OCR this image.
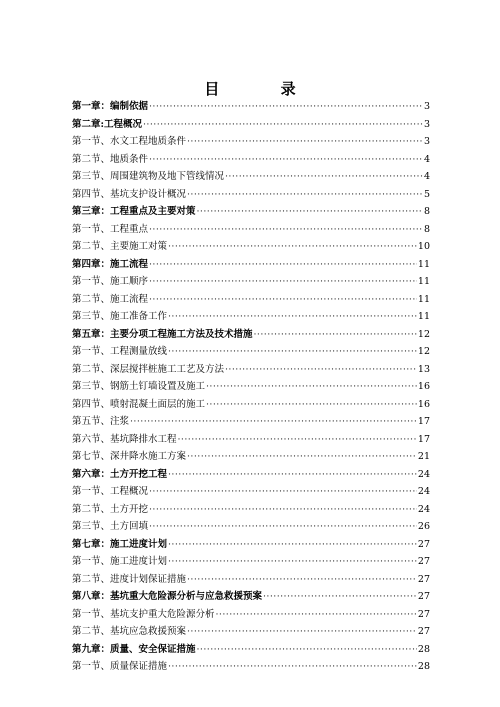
目 录
第一章：编制依据 ·····	3
第二章:工程概况 ·····	3
第一节、水文工程地质条件 ·····	3
第二节、地质条件 ·····	4
第三节、周围建筑物及地下管线情况 ·····	4
第四节、基坑支护设计概况 ·····	5
第三章：工程重点及主要对策 ·····	8
第一节、工程重点 ·····	8
第二节、主要施工对策 ·····	10
第四章：施工流程 ·····	11
第一节、施工顺序 ·····	11
第二节、施工流程 ·····	11
第三节、施工准备工作 ·····	11
第五章：主要分项工程施工方法及技术措施 ·····	12
第一节、工程测量放线 ·····	12
第二节、深层搅拌桩施工工艺及方法 ·····	13
第三节、钢筋土钉墙设置及施工 ·····	16
第四节、喷射混凝土面层的施工 ·····	16
第五节、注浆 ·····	17
第六节、基坑降排水工程 ·····	17
第七节、深井降水施工方案 ·····	21
第六章：土方开挖工程 ·····	24
第一节、工程概况 ·····	24
第二节、土方开挖 ·····	24
第三节、土方回填 ·····	26
第七章：施工进度计划 ·····	27
第一节、施工进度计划 ·····	27
第二节、进度计划保证措施 ·····	27
第八章：基坑重大危险源分析与应急救援预案 ·····	27
第一节、基坑支护重大危险源分析 ·····	27
第二节、基坑应急救援预案 ·····	27
第九章：质量、安全保证措施 ·····	28
第一节、质量保证措施 ·····	28
